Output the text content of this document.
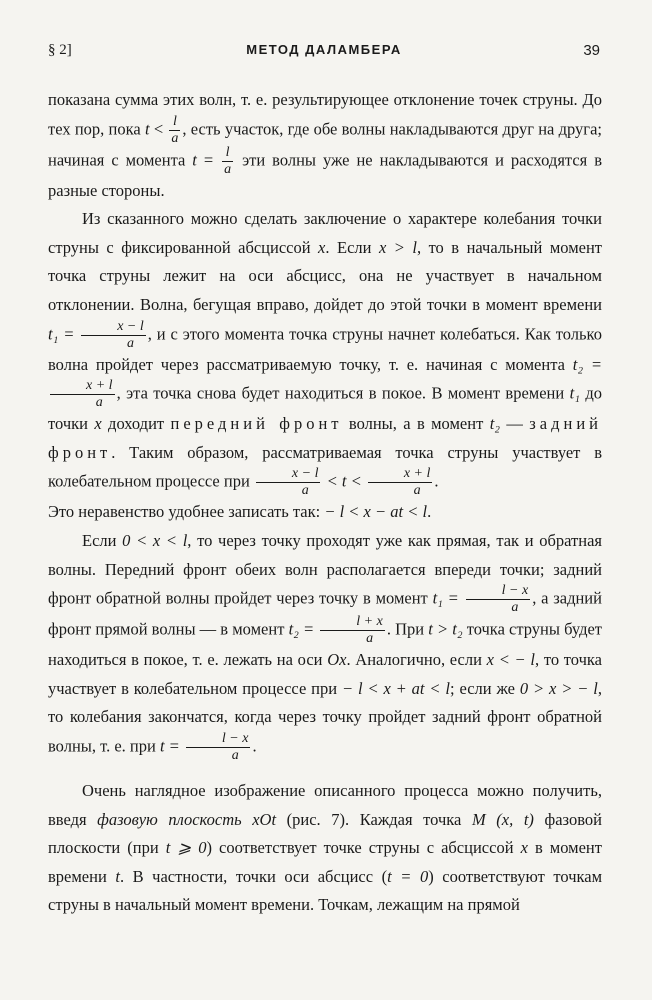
§ 2]	МЕТОД ДАЛАМБЕРА	39

показана сумма этих волн, т. е. результирующее отклонение точек струны. До тех пор, пока $t < \frac{l}{a}$ , есть участок, где обе волны накладываются друг на друга; начиная с момента $t = \frac{l}{a}$ эти волны уже не накладываются и расходятся в разные стороны.

Из сказанного можно сделать заключение о характере колебания точки струны с фиксированной абсциссой x. Если x > l, то в начальный момент точка струны лежит на оси абсцисс, она не участвует в начальном отклонении. Волна, бегущая вправо, дойдет до этой точки в момент времени $t_1 = \frac{x - l}{a}$ , и с этого момента точка струны начнет колебаться. Как только волна пройдет через рассматриваемую точку, т. е. начиная с момента t₂ =
$\frac{x + l}{a}$ , эта точка снова будет находиться в покое. В момент времени t₁ до точки x доходит передний фронт волны, а в момент t₂ — задний фронт. Таким образом, рассматриваемая точка струны участвует в колебательном процессе при $\frac{x - l}{a} < t < \frac{x + l}{a}$ .

Это неравенство удобнее записать так: − l < x − at < l.

Если 0 < x < l, то через точку проходят уже как прямая, так и обратная волны. Передний фронт обеих волн располагается впереди точки; задний фронт обратной волны пройдет через точку в момент $t_1 = \frac{l - x}{a}$ , а задний фронт прямой волны — в момент $t_2 = \frac{l + x}{a}$ . При t > t₂ точка струны будет находиться в покое, т. е. лежать на оси Ox. Аналогично, если x < − l, то точка участвует в колебательном процессе при − l < x + at < l; если же 0 > x > − l, то колебания закончатся, когда через точку пройдет задний фронт обратной волны, т. е. при $t = \frac{l - x}{a}$ .

Очень наглядное изображение описанного процесса можно получить, введя фазовую плоскость xOt (рис. 7). Каждая точка M (x, t) фазовой плоскости (при t ⩾ 0) соответствует точке струны с абсциссой x в момент времени t. В частности, точки оси абсцисс (t = 0) соответствуют точкам струны в начальный момент времени. Точкам, лежащим на прямой
